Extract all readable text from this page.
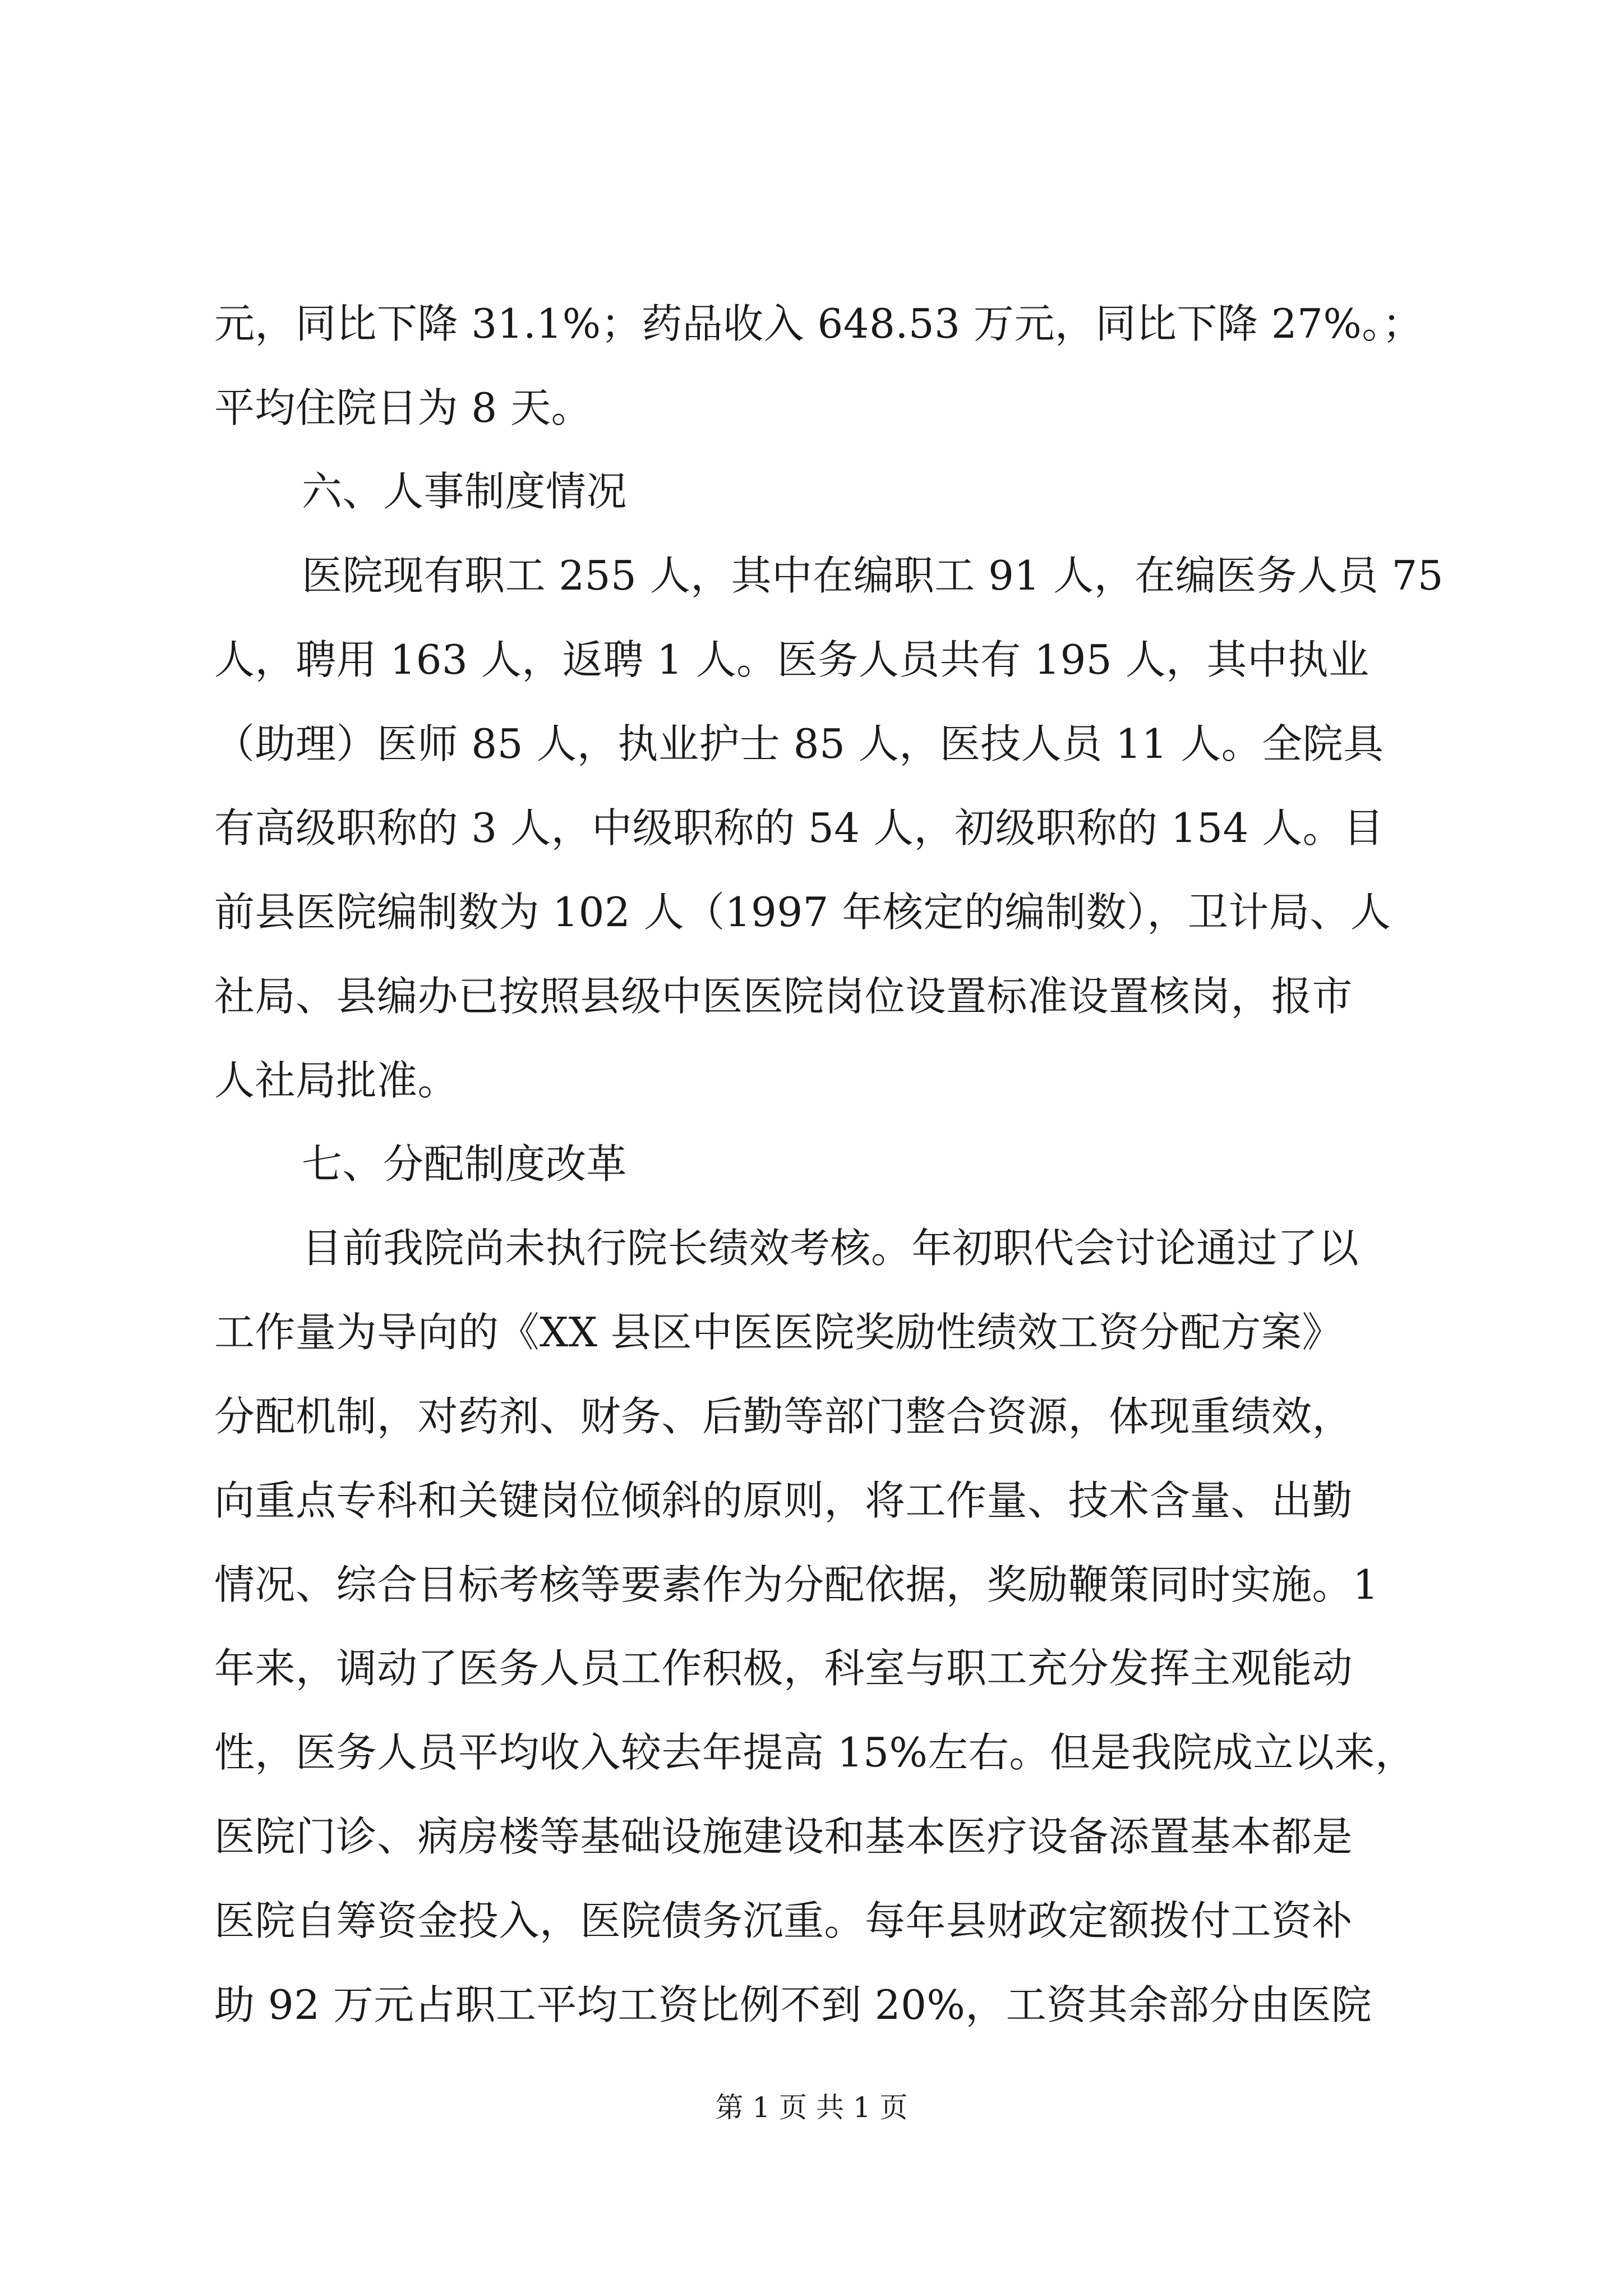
元，同比下降 31.1%；药品收入 648.53 万元，同比下降 27%。；
平均住院日为 8 天。
六、人事制度情况
医院现有职工 255 人，其中在编职工 91 人，在编医务人员 75
人，聘用 163 人，返聘 1 人。医务人员共有 195 人，其中执业
（助理）医师 85 人，执业护士 85 人，医技人员 11 人。全院具
有高级职称的 3 人，中级职称的 54 人，初级职称的 154 人。目
前县医院编制数为 102 人（1997 年核定的编制数），卫计局、人
社局、县编办已按照县级中医医院岗位设置标准设置核岗，报市
人社局批准。
七、分配制度改革
目前我院尚未执行院长绩效考核。年初职代会讨论通过了以
工作量为导向的《XX 县区中医医院奖励性绩效工资分配方案》
分配机制，对药剂、财务、后勤等部门整合资源，体现重绩效，
向重点专科和关键岗位倾斜的原则，将工作量、技术含量、出勤
情况、综合目标考核等要素作为分配依据，奖励鞭策同时实施。1
年来，调动了医务人员工作积极，科室与职工充分发挥主观能动
性，医务人员平均收入较去年提高 15%左右。但是我院成立以来，
医院门诊、病房楼等基础设施建设和基本医疗设备添置基本都是
医院自筹资金投入，医院债务沉重。每年县财政定额拨付工资补
助 92 万元占职工平均工资比例不到 20%，工资其余部分由医院
第 1 页 共 1 页
